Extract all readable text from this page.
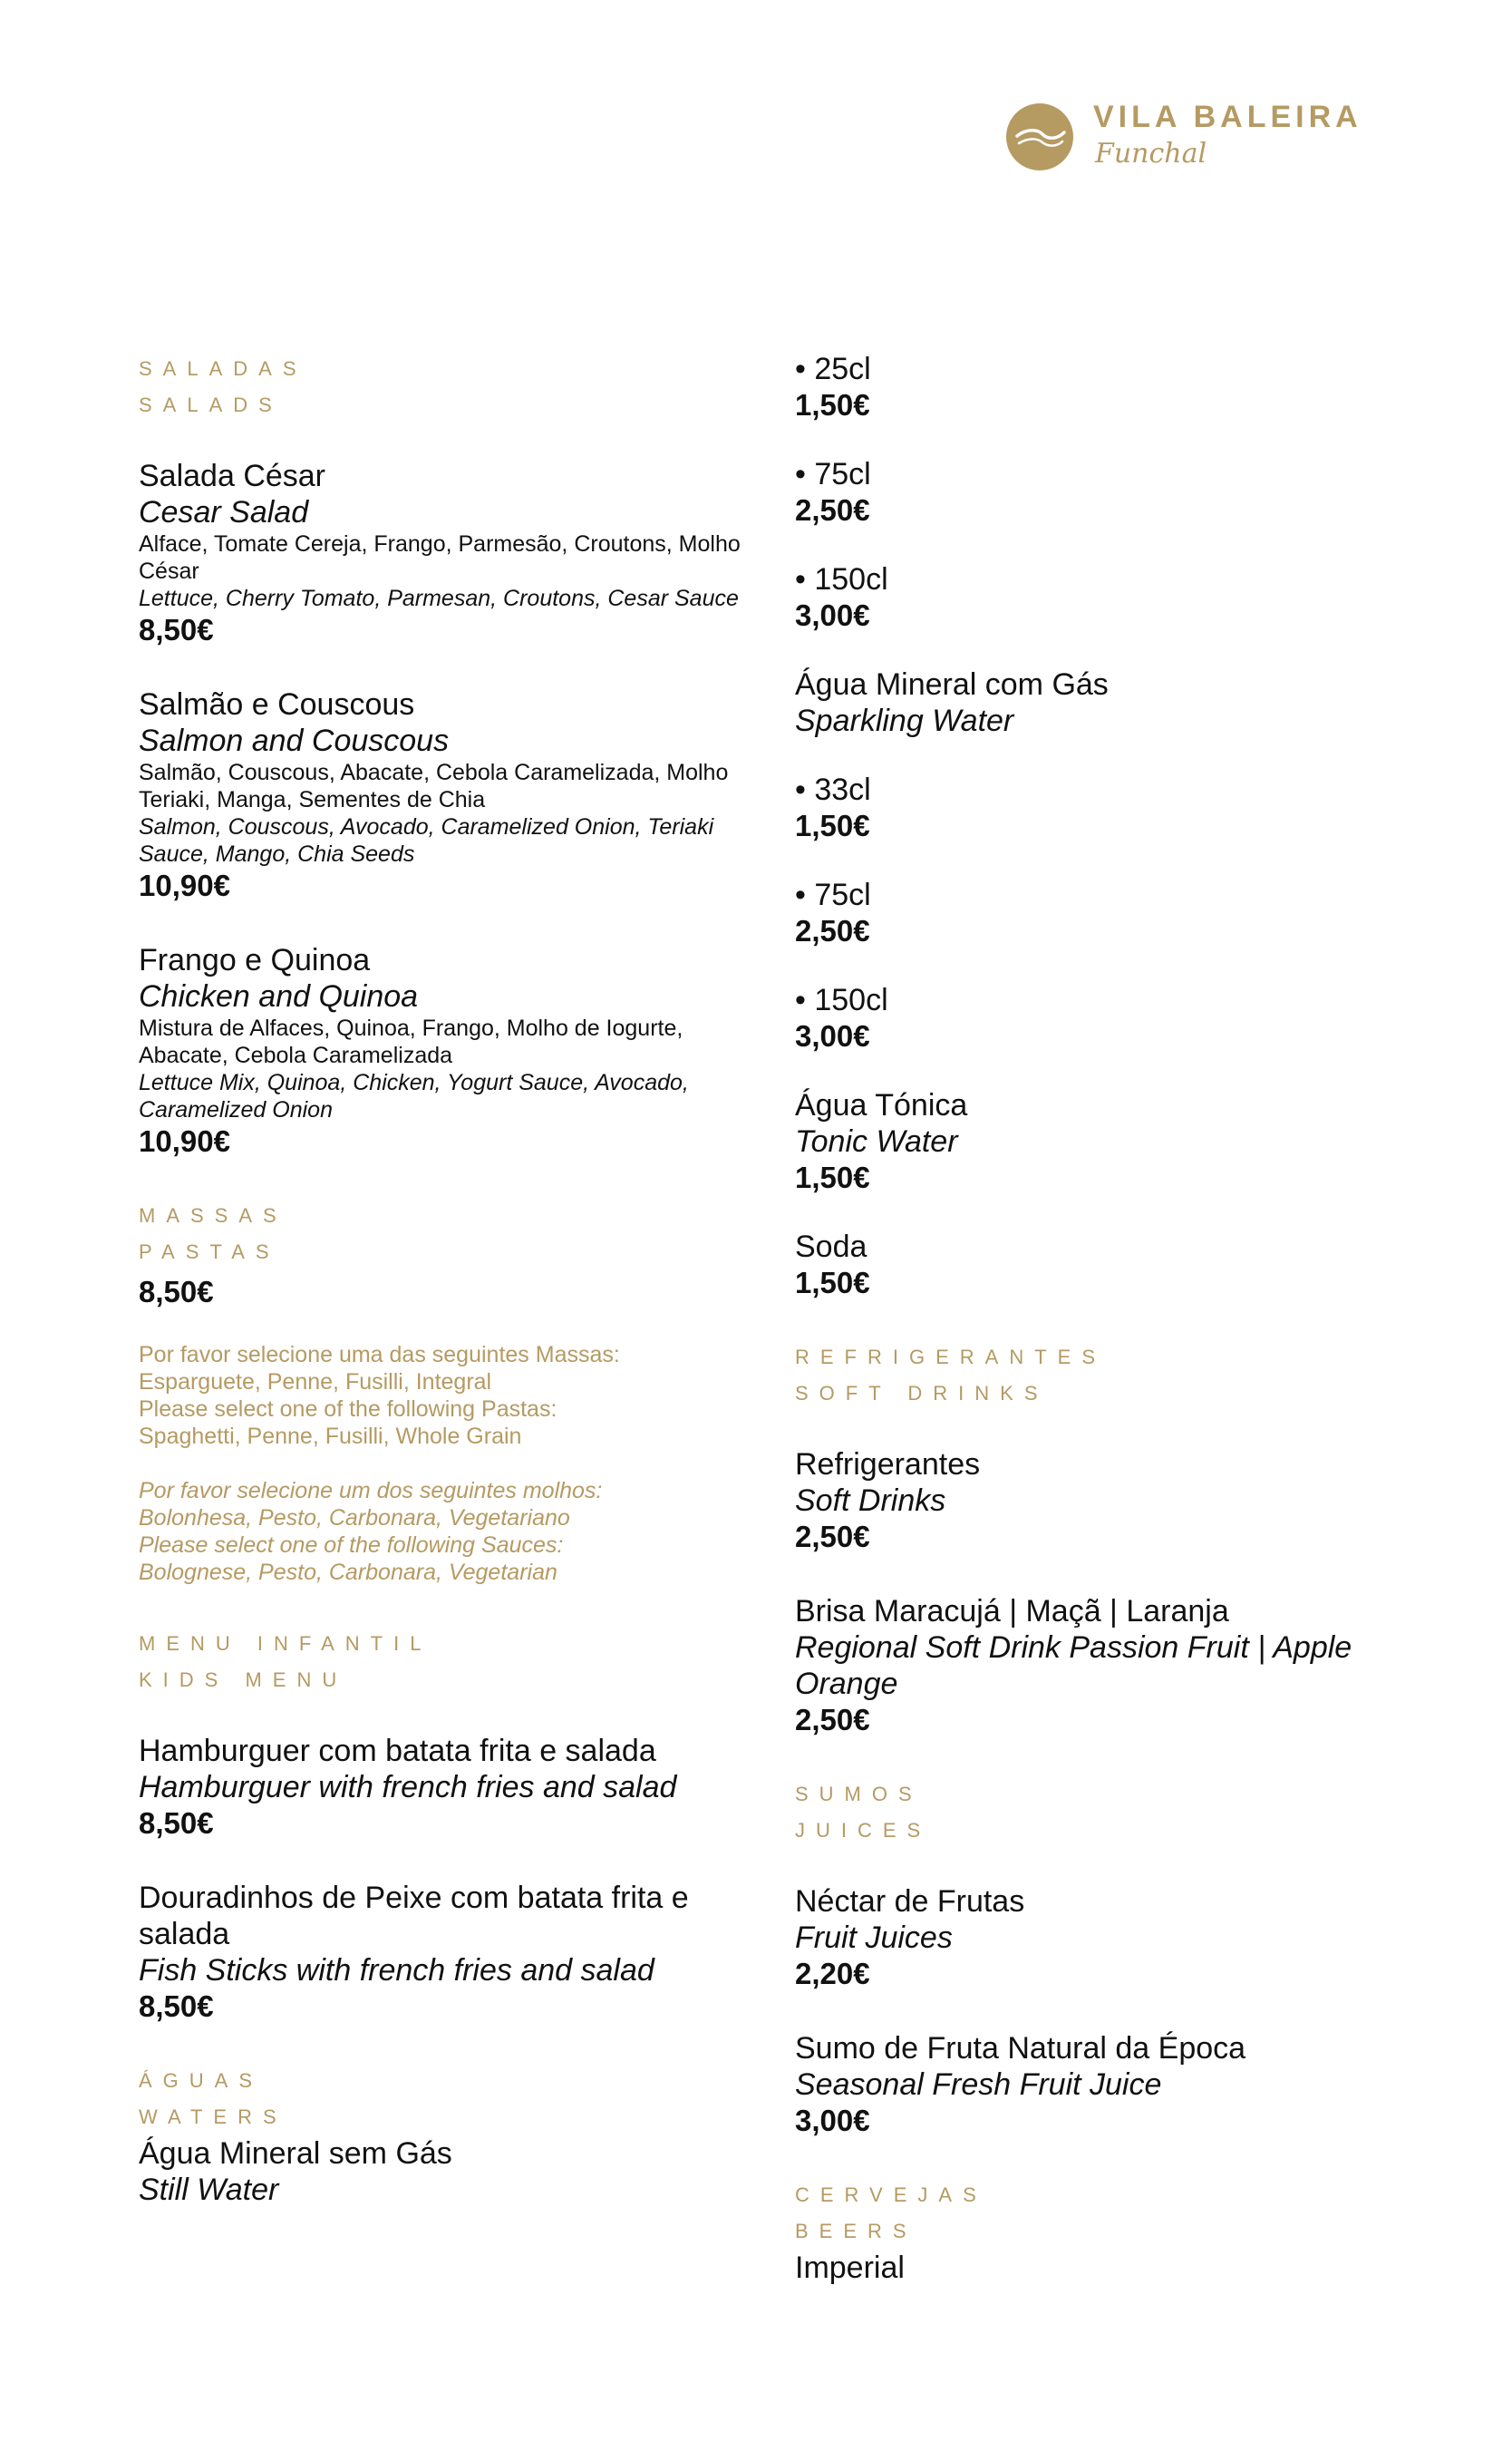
VILA BALEIRA
Funchal
SALADAS
SALADS
Salada César
Cesar Salad
Alface, Tomate Cereja, Frango, Parmesão, Croutons, Molho César
Lettuce, Cherry Tomato, Parmesan, Croutons, Cesar Sauce
8,50€
Salmão e Couscous
Salmon and Couscous
Salmão, Couscous, Abacate, Cebola Caramelizada, Molho Teriaki, Manga, Sementes de Chia
Salmon, Couscous, Avocado, Caramelized Onion, Teriaki Sauce, Mango, Chia Seeds
10,90€
Frango e Quinoa
Chicken and Quinoa
Mistura de Alfaces, Quinoa, Frango, Molho de Iogurte, Abacate, Cebola Caramelizada
Lettuce Mix, Quinoa, Chicken, Yogurt Sauce, Avocado, Caramelized Onion
10,90€
MASSAS
PASTAS
8,50€
Por favor selecione uma das seguintes Massas:
Esparguete, Penne, Fusilli, Integral
Please select one of the following Pastas:
Spaghetti, Penne, Fusilli, Whole Grain
Por favor selecione um dos seguintes molhos:
Bolonhesa, Pesto, Carbonara, Vegetariano
Please select one of the following Sauces:
Bolognese, Pesto, Carbonara, Vegetarian
MENU INFANTIL
KIDS MENU
Hamburguer com batata frita e salada
Hamburguer with french fries and salad
8,50€
Douradinhos de Peixe com batata frita e salada
Fish Sticks with french fries and salad
8,50€
ÁGUAS
WATERS
Água Mineral sem Gás
Still Water
• 25cl
1,50€
• 75cl
2,50€
• 150cl
3,00€
Água Mineral com Gás
Sparkling Water
• 33cl
1,50€
• 75cl
2,50€
• 150cl
3,00€
Água Tónica
Tonic Water
1,50€
Soda
1,50€
REFRIGERANTES
SOFT DRINKS
Refrigerantes
Soft Drinks
2,50€
Brisa Maracujá | Maçã | Laranja
Regional Soft Drink Passion Fruit | Apple Orange
2,50€
SUMOS
JUICES
Néctar de Frutas
Fruit Juices
2,20€
Sumo de Fruta Natural da Época
Seasonal Fresh Fruit Juice
3,00€
CERVEJAS
BEERS
Imperial
